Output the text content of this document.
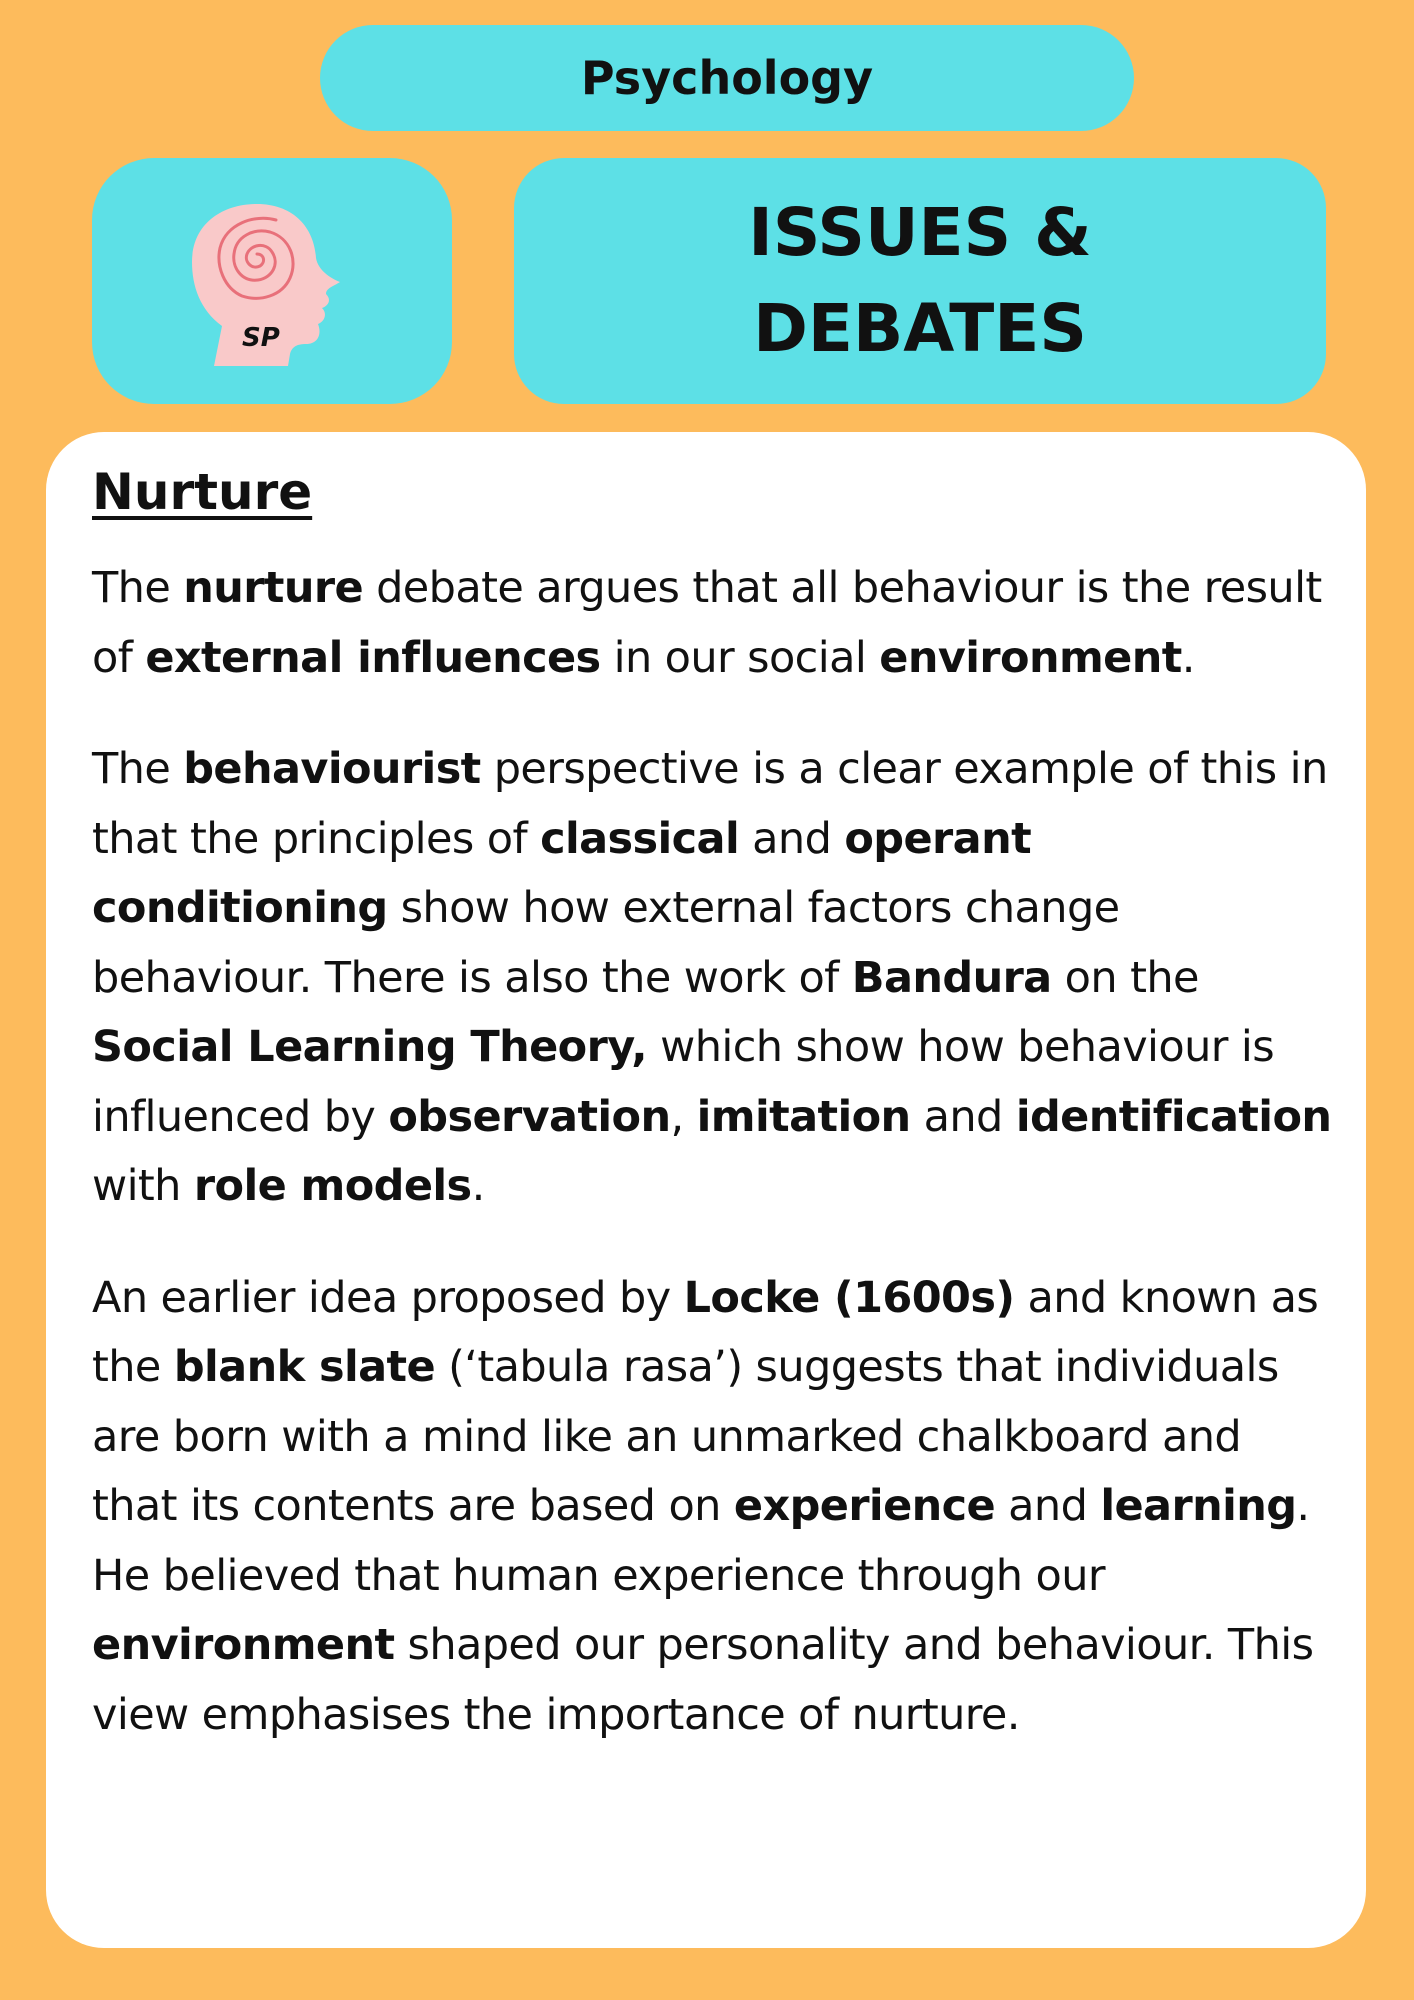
Psychology
SP
ISSUES &
DEBATES
Nurture

The nurture debate argues that all behaviour is the result of external influences in our social environment.

The behaviourist perspective is a clear example of this in that the principles of classical and operant conditioning show how external factors change behaviour. There is also the work of Bandura on the Social Learning Theory, which show how behaviour is influenced by observation, imitation and identification with role models.

An earlier idea proposed by Locke (1600s) and known as the blank slate (‘tabula rasa’) suggests that individuals are born with a mind like an unmarked chalkboard and that its contents are based on experience and learning. He believed that human experience through our environment shaped our personality and behaviour. This view emphasises the importance of nurture.
